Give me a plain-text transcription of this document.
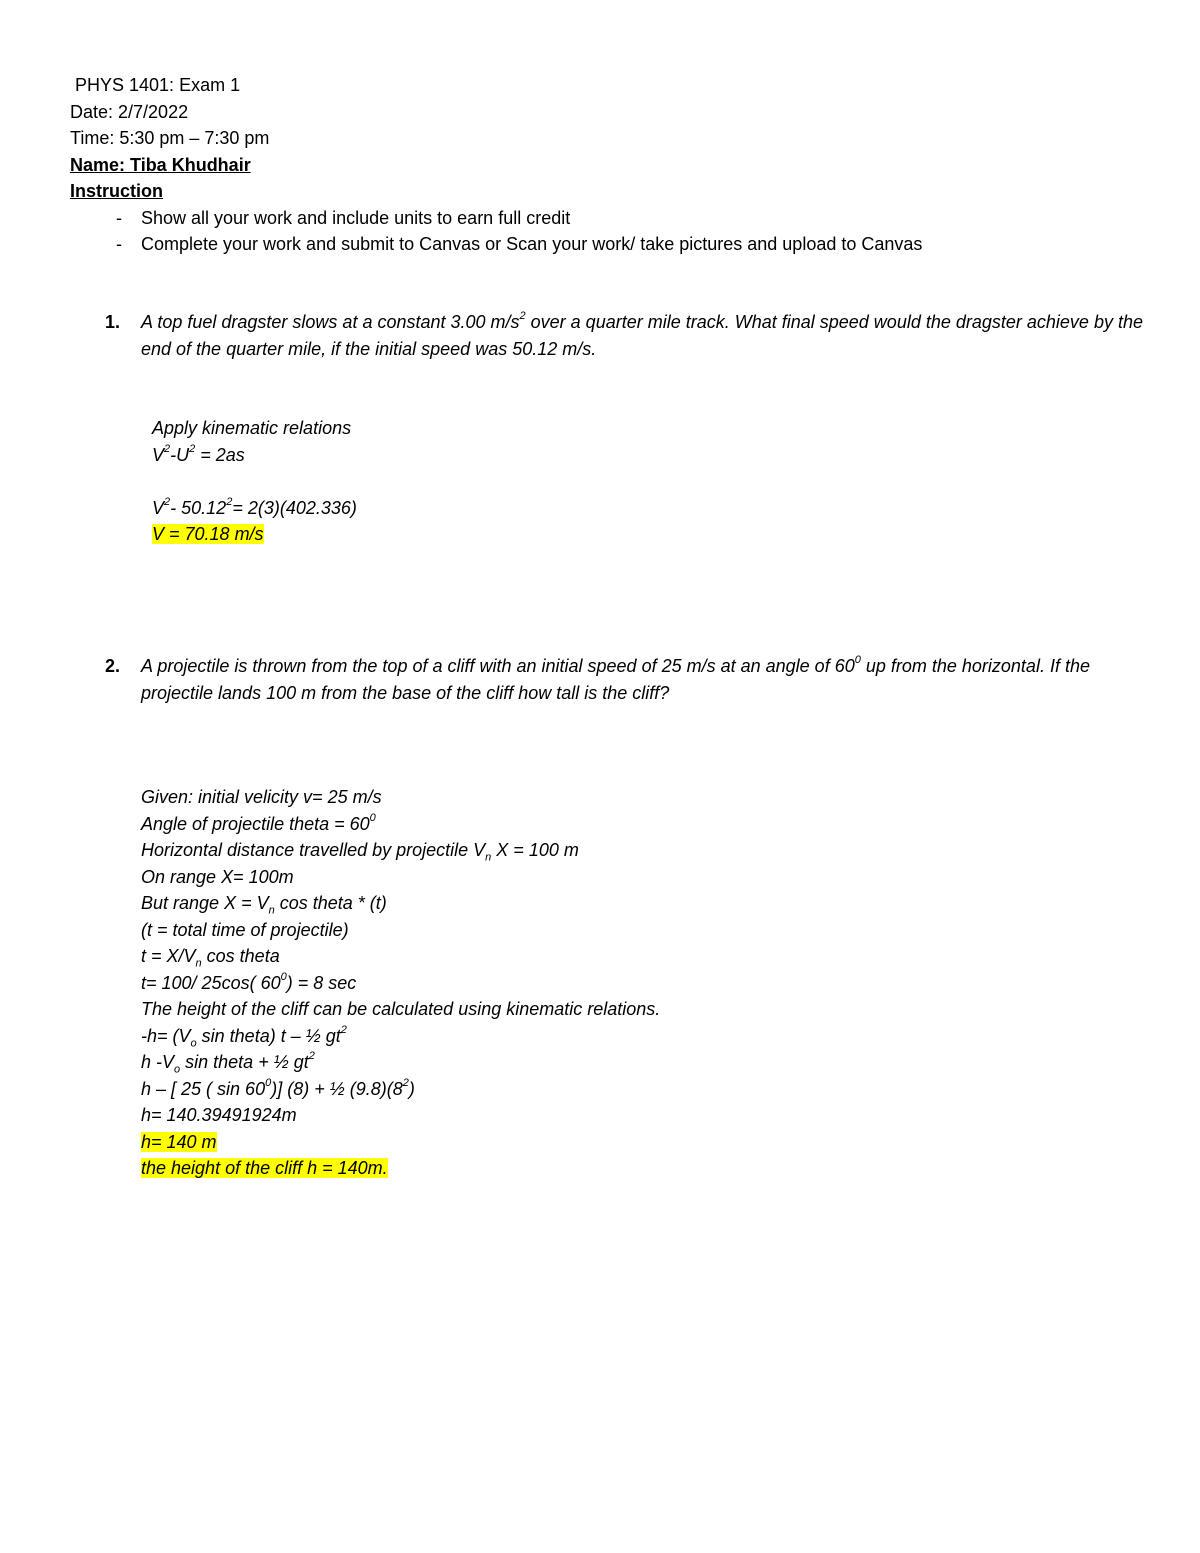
PHYS 1401: Exam 1
Date: 2/7/2022
Time: 5:30 pm – 7:30 pm
Name: Tiba Khudhair
Instruction
- Show all your work and include units to earn full credit
- Complete your work and submit to Canvas or Scan your work/ take pictures and upload to Canvas
1. A top fuel dragster slows at a constant 3.00 $m/s^2$ over a quarter mile track. What final speed would the dragster achieve by the end of the quarter mile, if the initial speed was 50.12 m/s.
Apply kinematic relations
$V^2-U^2 = 2as$
$V^2-$ $50.12^2= 2(3)(402.336)$
V = 70.18 m/s
2. A projectile is thrown from the top of a cliff with an initial speed of 25 m/s at an angle of $60^0$ up from the horizontal. If the projectile lands 100 m from the base of the cliff how tall is the cliff?
Given: initial velicity v= 25 m/s
Angle of projectile theta = $60^0$
Horizontal distance travelled by projectile $V_n$ X = 100 m
On range X= 100m
But range $X = V_n$ cos theta * (t)
(t = total time of projectile)
$t = X/V_n$ cos theta
t= 100/ 25cos( $60^0) = 8$ sec
The height of the cliff can be calculated using kinematic relations.
$-h= (V_o$ sin theta) t – ½ $gt^2$
h $-V_o$ sin theta + ½ $gt^2$
h – [ 25 ( $\sin 60^0$)] (8) + ½ $(9.8)(8^2)$
h= 140.39491924m
h= 140 m
the height of the cliff h = 140m.
